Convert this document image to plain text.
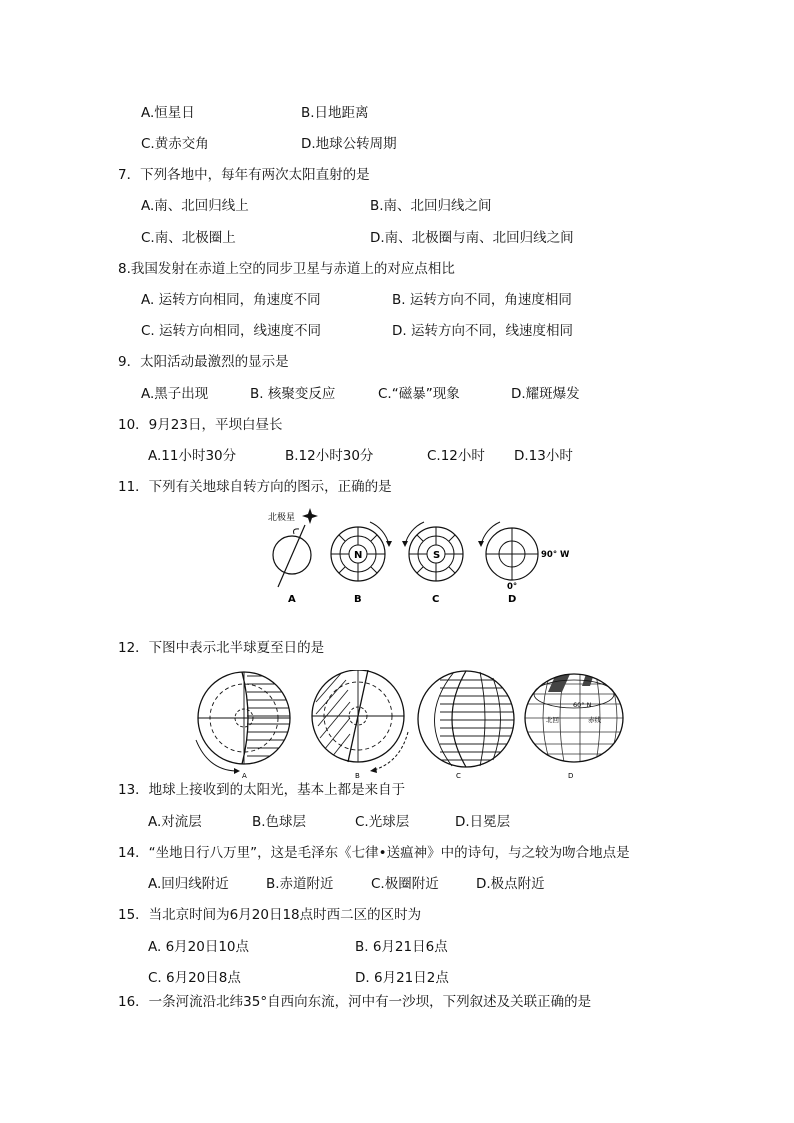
A.恒星日	B.日地距离
C.黄赤交角	D.地球公转周期
7．下列各地中，每年有两次太阳直射的是
A.南、北回归线上	B.南、北回归线之间
C.南、北极圈上	D.南、北极圈与南、北回归线之间
8.我国发射在赤道上空的同步卫星与赤道上的对应点相比
A. 运转方向相同，角速度不同	B. 运转方向不同，角速度相同
C. 运转方向相同，线速度不同	D. 运转方向不同，线速度相同
9．太阳活动最激烈的显示是
A.黑子出现	B. 核聚变反应	C.“磁暴”现象	D.耀斑爆发
10．9月23日，平坝白昼长
A.11小时30分	B.12小时30分	C.12小时 D.13小时
11．下列有关地球自转方向的图示，正确的是
北极星
A
N
B
S
C
90° W
0°
D
12．下图中表示北半球夏至日的是
A	B	C
60° N
北回	赤线
D
13．地球上接收到的太阳光，基本上都是来自于
A.对流层	B.色球层	C.光球层	D.日冕层
14．“坐地日行八万里”，这是毛泽东《七律•送瘟神》中的诗句，与之较为吻合地点是
A.回归线附近	B.赤道附近	C.极圈附近	D.极点附近
15．当北京时间为6月20日18点时西二区的区时为
A. 6月20日10点	B. 6月21日6点
C. 6月20日8点	D. 6月21日2点
16．一条河流沿北纬35°自西向东流，河中有一沙坝，下列叙述及关联正确的是
